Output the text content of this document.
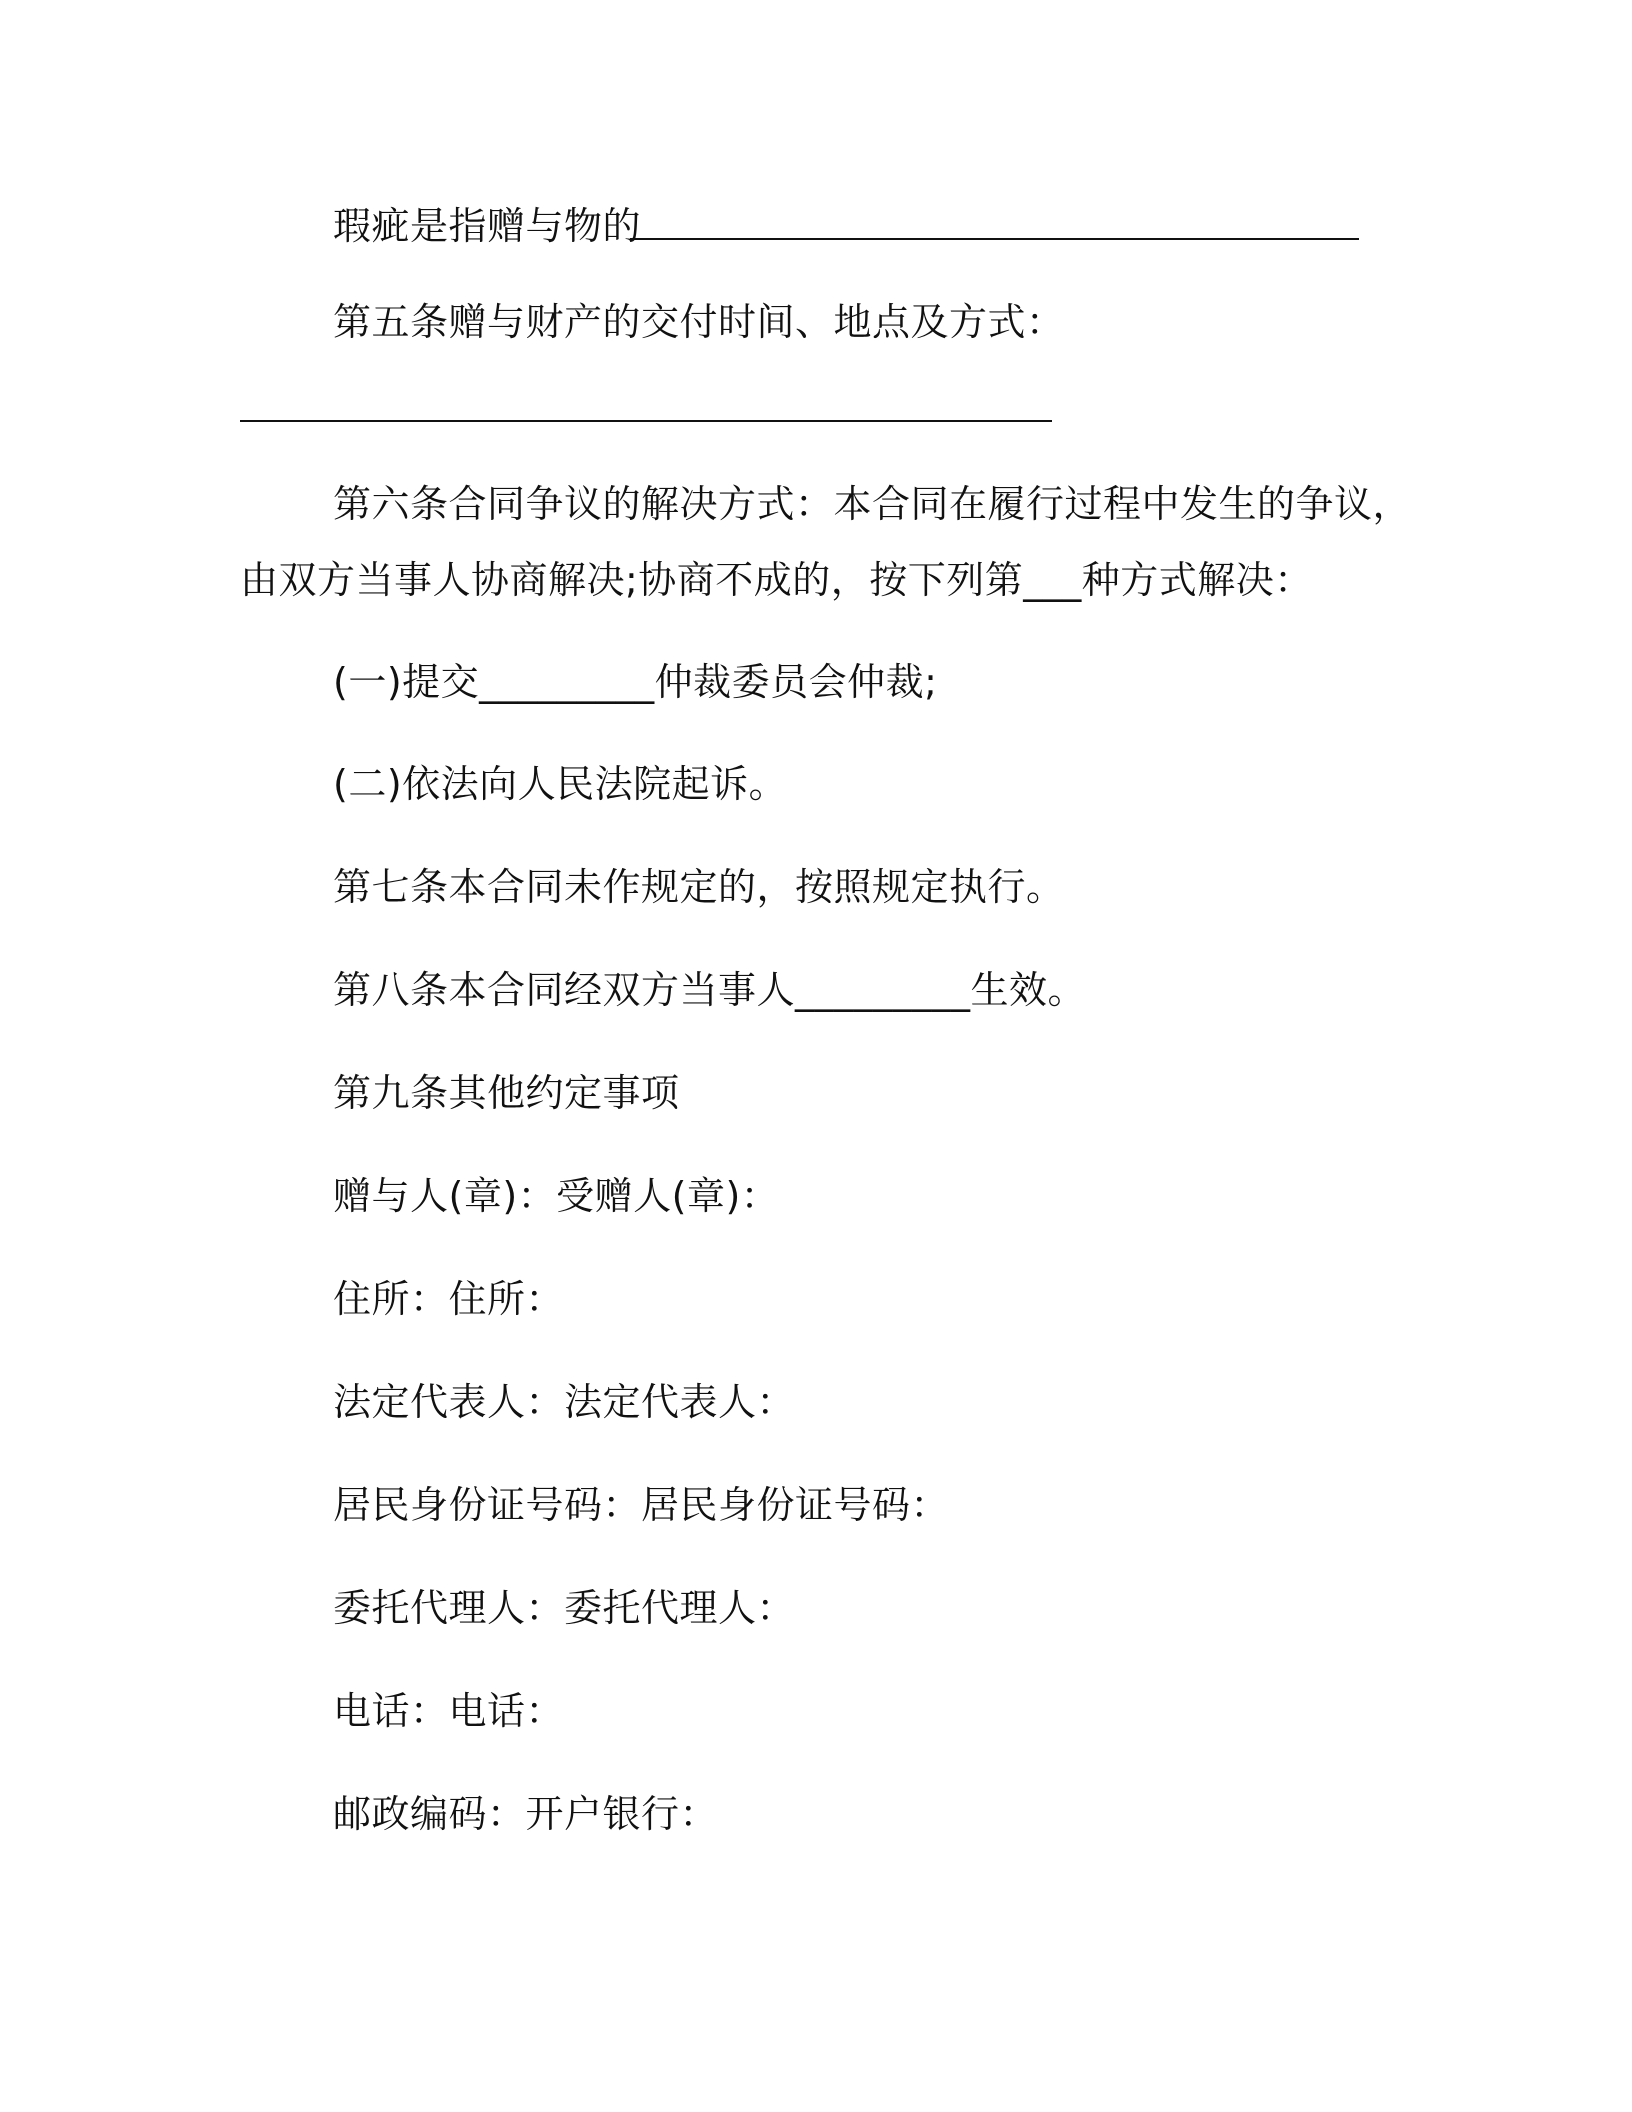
瑕疵是指赠与物的
第五条赠与财产的交付时间、地点及方式：
第六条合同争议的解决方式：本合同在履行过程中发生的争议，
由双方当事人协商解决;协商不成的，按下列第___种方式解决：
(一)提交_________仲裁委员会仲裁;
(二)依法向人民法院起诉。
第七条本合同未作规定的，按照规定执行。
第八条本合同经双方当事人_________生效。
第九条其他约定事项
赠与人(章)：受赠人(章)：
住所：住所：
法定代表人：法定代表人：
居民身份证号码：居民身份证号码：
委托代理人：委托代理人：
电话：电话：
邮政编码：开户银行：
